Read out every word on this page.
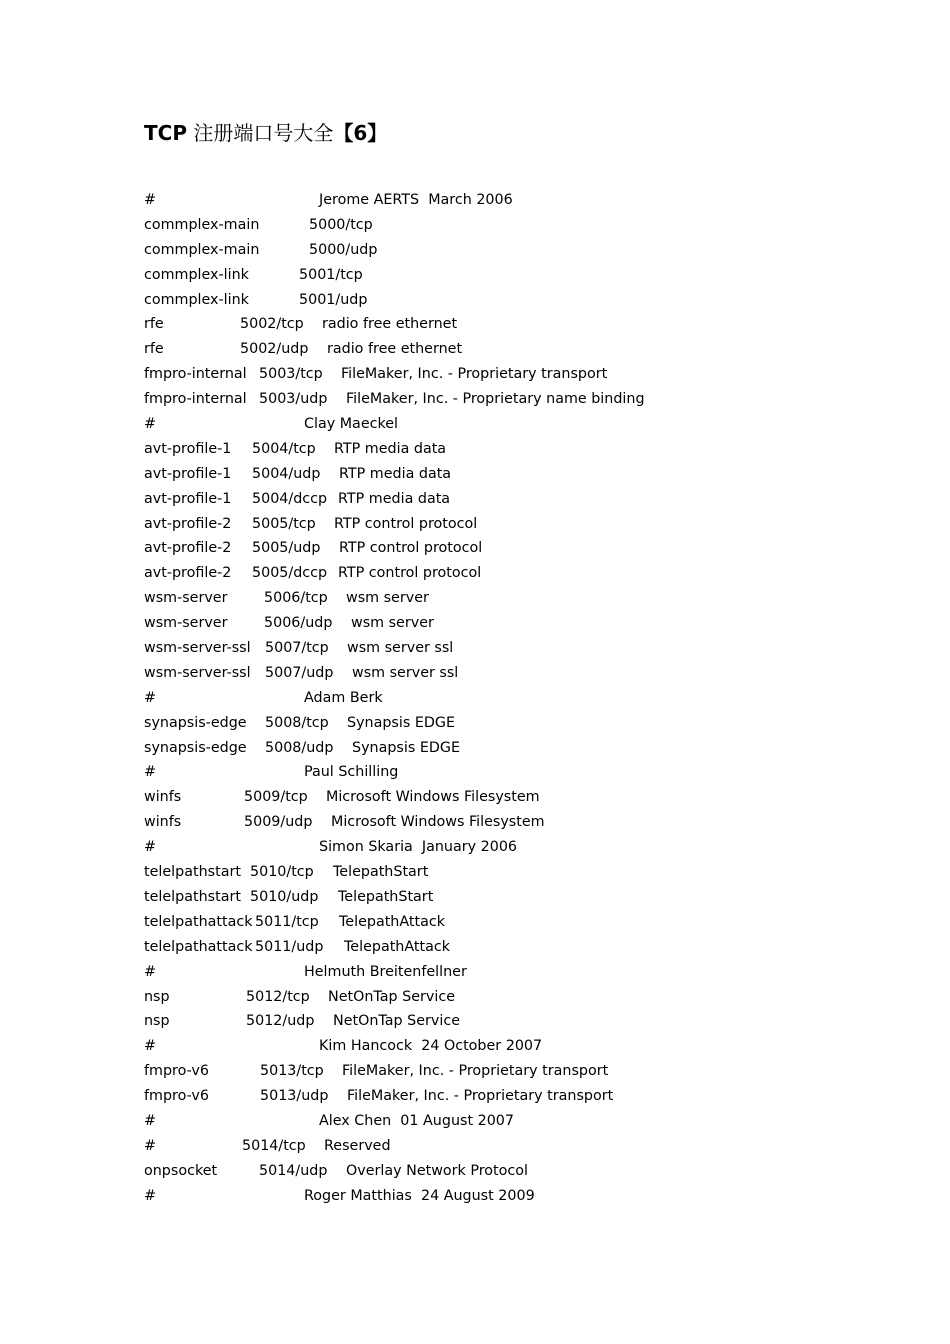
TCP 注册端口号大全【6】
#	Jerome AERTS  March 2006
commplex-main	5000/tcp
commplex-main	5000/udp
commplex-link	5001/tcp
commplex-link	5001/udp
rfe	5002/tcp radio free ethernet
rfe	5002/udp radio free ethernet
fmpro-internal 5003/tcp FileMaker, Inc. - Proprietary transport
fmpro-internal 5003/udp FileMaker, Inc. - Proprietary name binding
#	Clay Maeckel
avt-profile-1 5004/tcp RTP media data
avt-profile-1 5004/udp RTP media data
avt-profile-1 5004/dccp RTP media data
avt-profile-2 5005/tcp RTP control protocol
avt-profile-2 5005/udp RTP control protocol
avt-profile-2 5005/dccp RTP control protocol
wsm-server	5006/tcp wsm server
wsm-server	5006/udp wsm server
wsm-server-ssl 5007/tcp wsm server ssl
wsm-server-ssl 5007/udp wsm server ssl
#	Adam Berk
synapsis-edge 5008/tcp Synapsis EDGE
synapsis-edge 5008/udp Synapsis EDGE
#	Paul Schilling
winfs	5009/tcp Microsoft Windows Filesystem
winfs	5009/udp Microsoft Windows Filesystem
#	Simon Skaria  January 2006
telelpathstart 5010/tcp TelepathStart
telelpathstart 5010/udp TelepathStart
telelpathattack 5011/tcp TelepathAttack
telelpathattack 5011/udp TelepathAttack
#	Helmuth Breitenfellner
nsp	5012/tcp NetOnTap Service
nsp	5012/udp NetOnTap Service
#	Kim Hancock  24 October 2007
fmpro-v6	5013/tcp FileMaker, Inc. - Proprietary transport
fmpro-v6	5013/udp FileMaker, Inc. - Proprietary transport
#	Alex Chen  01 August 2007
#	5014/tcp Reserved
onpsocket	5014/udp Overlay Network Protocol
#	Roger Matthias  24 August 2009
